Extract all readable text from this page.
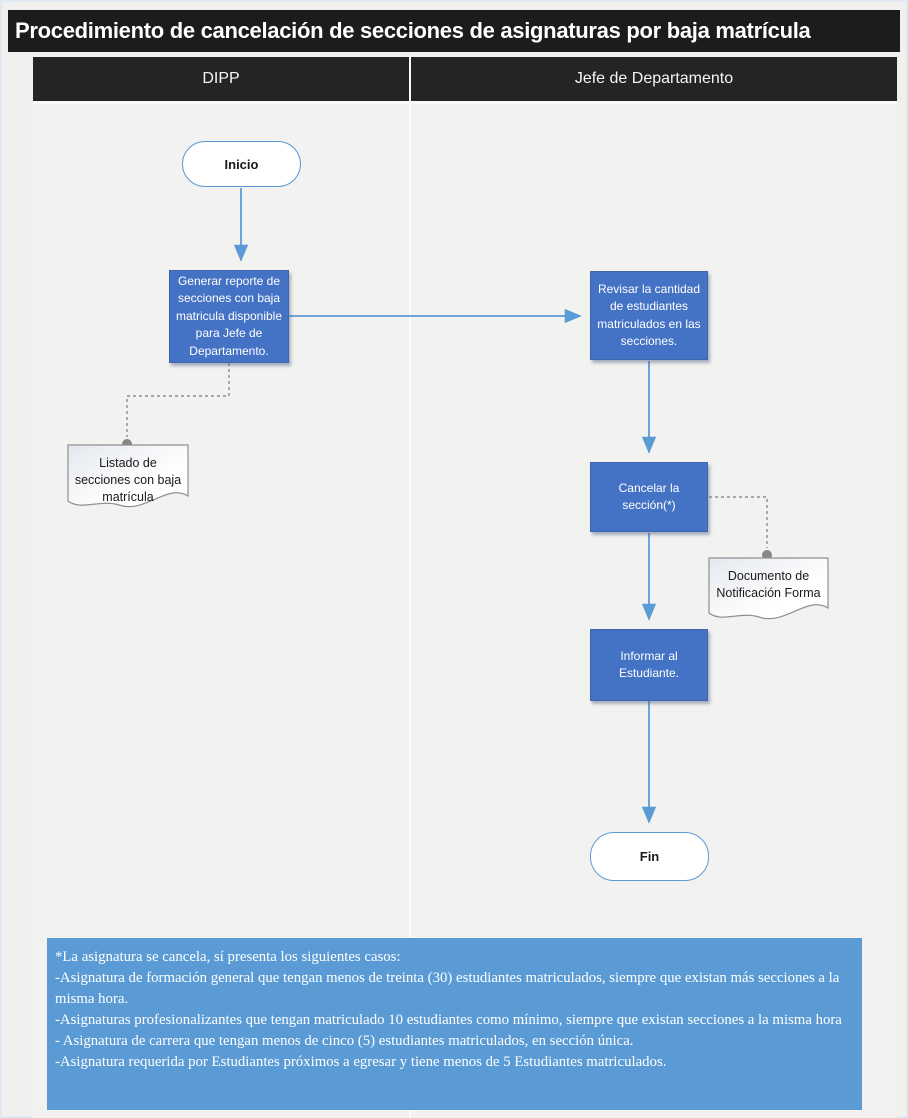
Procedimiento de cancelación de secciones de asignaturas por baja matrícula
DIPP	Jefe de Departamento
Inicio
Generar reporte de secciones con baja matricula disponible para Jefe de Departamento.
Listado de secciones con baja matrícula
Revisar la cantidad de estudiantes matriculados en las secciones.
Cancelar la sección(*)
Documento de Notificación Forma
Informar al Estudiante.
Fin
*La asignatura se cancela, sí presenta los siguientes casos:
-Asignatura de formación general que tengan menos de treinta (30) estudiantes matriculados, siempre que existan más secciones a la misma hora.
-Asignaturas profesionalizantes que tengan matriculado 10 estudiantes como mínimo, siempre que existan secciones a la misma hora
- Asignatura de carrera que tengan menos de cinco (5) estudiantes matriculados, en sección única.
-Asignatura requerida por Estudiantes próximos a egresar y tiene menos de 5 Estudiantes matriculados.
